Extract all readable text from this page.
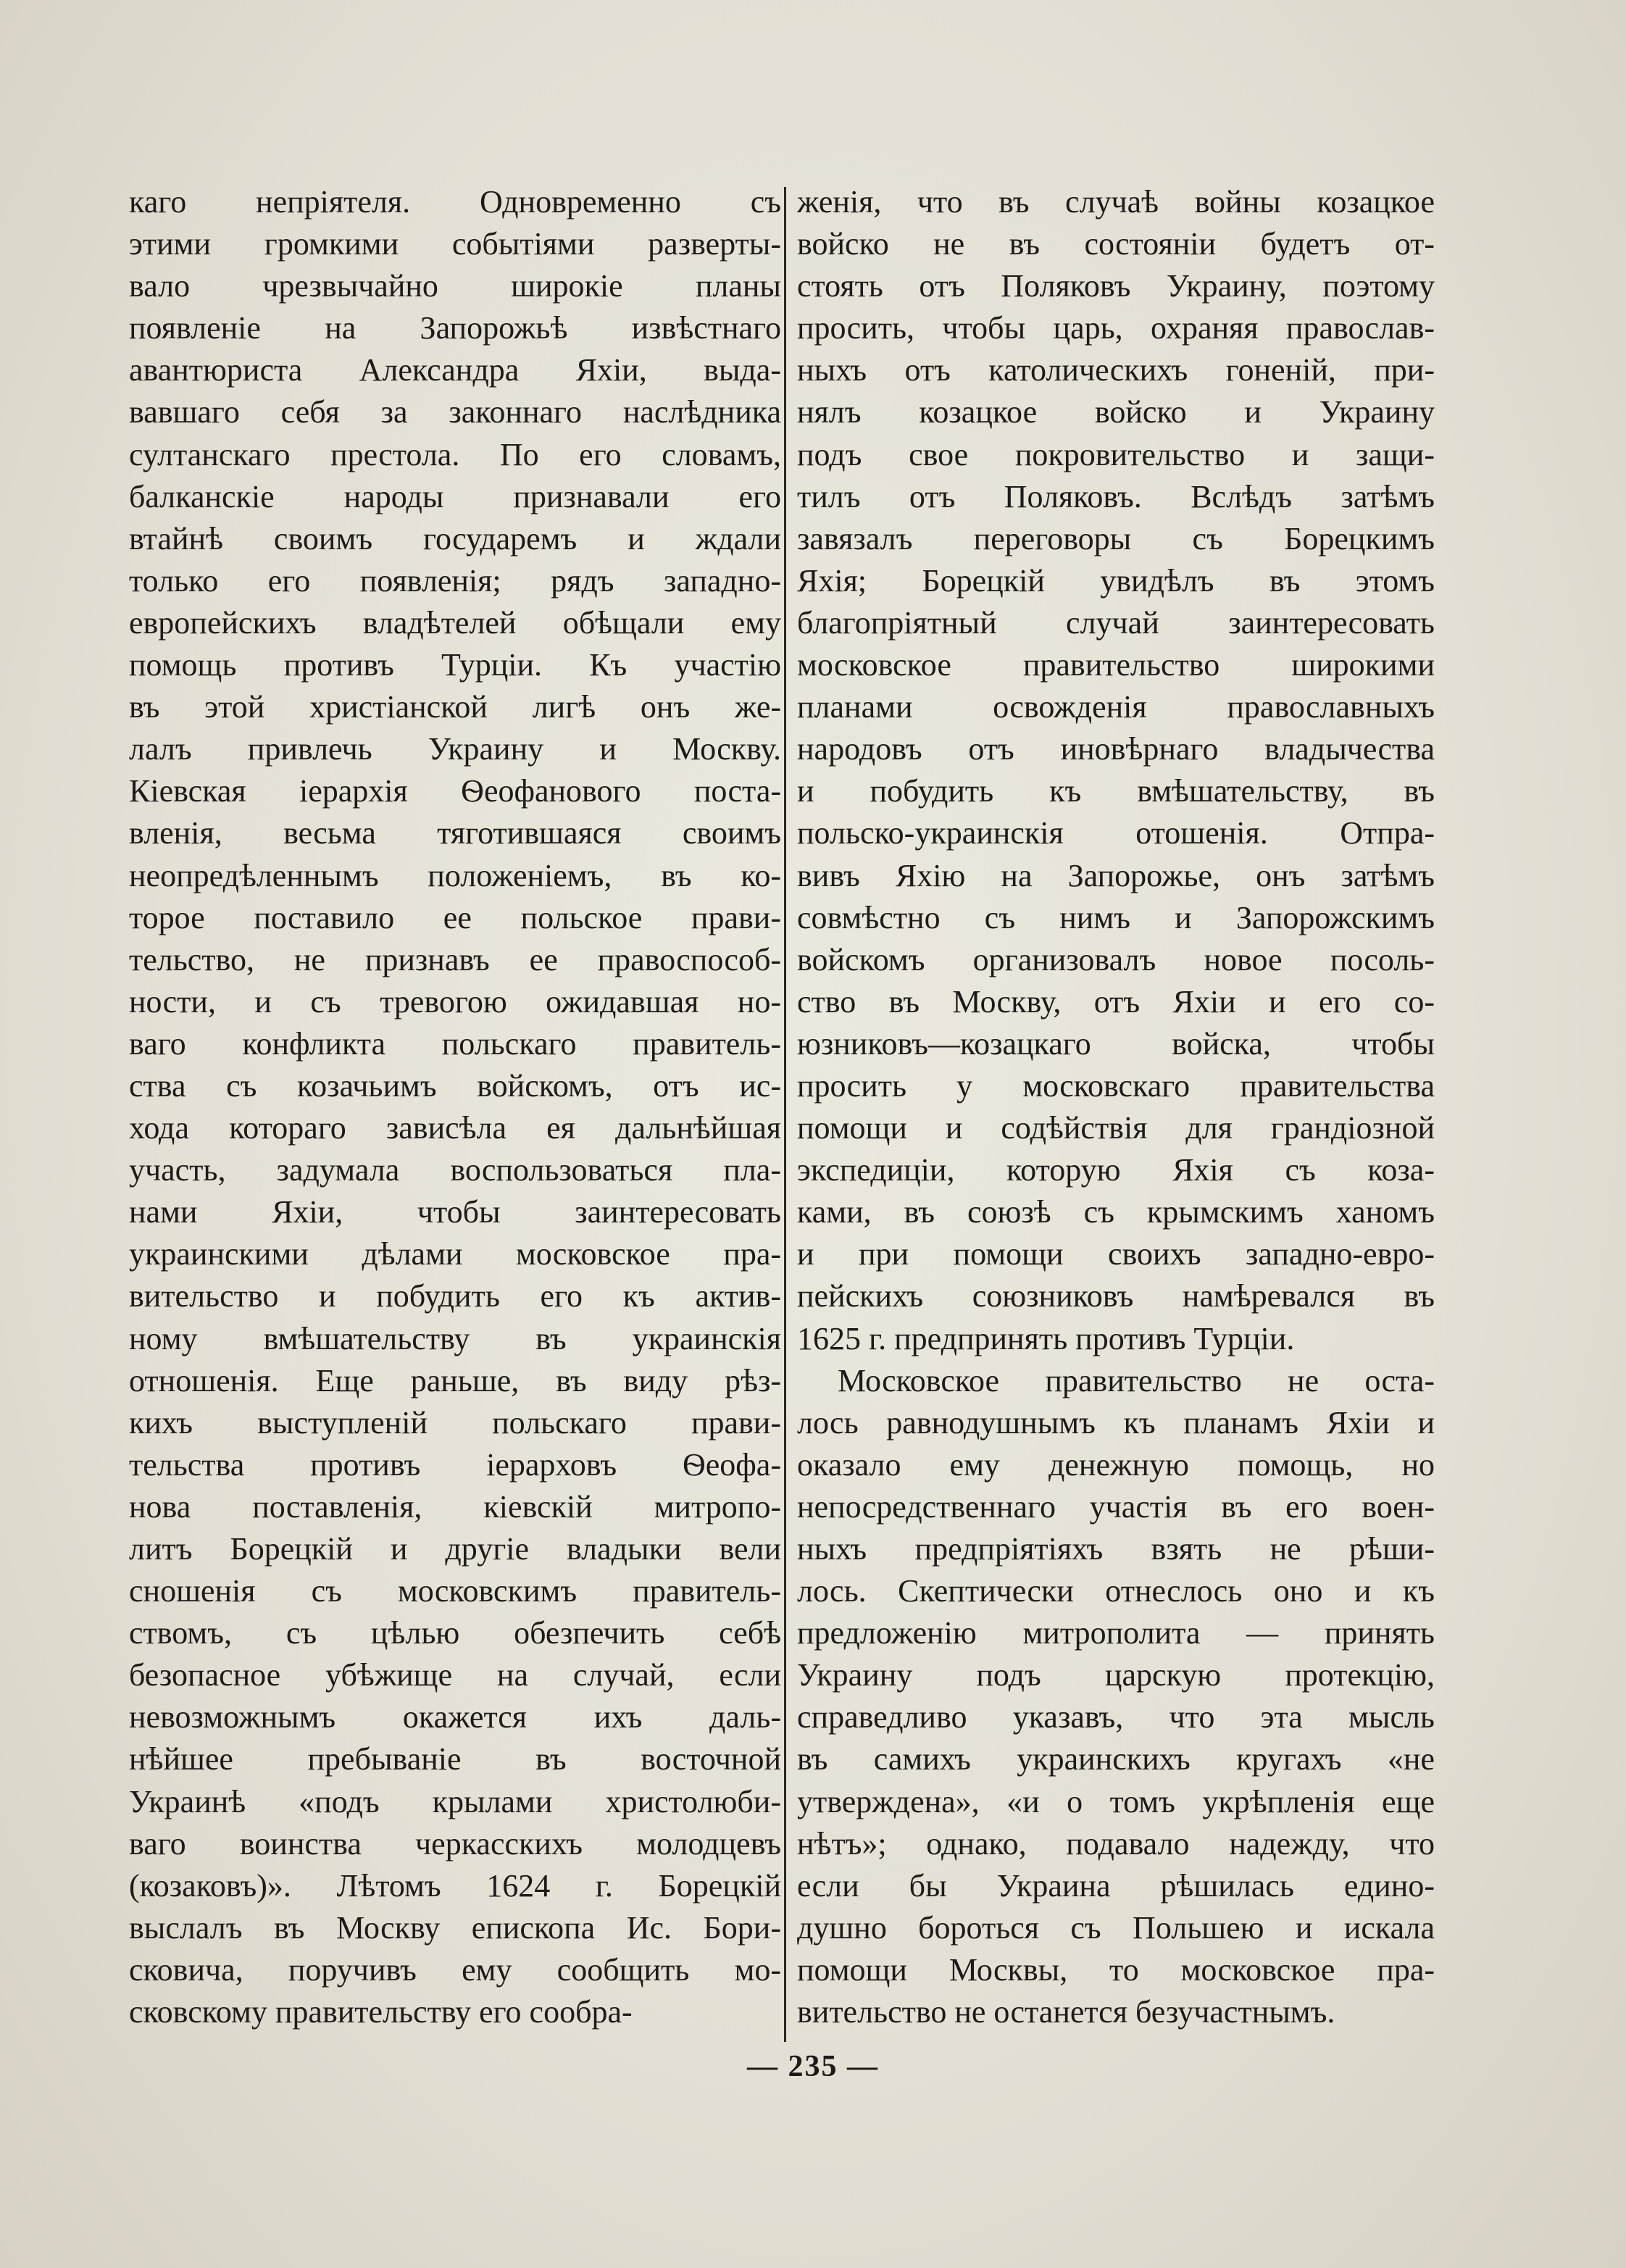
каго непріятеля. Одновременно съ
этими громкими событіями разверты-
вало чрезвычайно широкіе планы
появленіе на Запорожьѣ извѣстнаго
авантюриста Александра Яхіи, выда-
вавшаго себя за законнаго наслѣдника
султанскаго престола. По его словамъ,
балканскіе народы признавали его
втайнѣ своимъ государемъ и ждали
только его появленія; рядъ западно-
европейскихъ владѣтелей обѣщали ему
помощь противъ Турціи. Къ участію
въ этой христіанской лигѣ онъ же-
лалъ привлечь Украину и Москву.
Кіевская іерархія Ѳеофанового поста-
вленія, весьма тяготившаяся своимъ
неопредѣленнымъ положеніемъ, въ ко-
торое поставило ее польское прави-
тельство, не признавъ ее правоспособ-
ности, и съ тревогою ожидавшая но-
ваго конфликта польскаго правитель-
ства съ козачьимъ войскомъ, отъ ис-
хода котораго зависѣла ея дальнѣйшая
участь, задумала воспользоваться пла-
нами Яхіи, чтобы заинтересовать
украинскими дѣлами московское пра-
вительство и побудить его къ актив-
ному вмѣшательству въ украинскія
отношенія. Еще раньше, въ виду рѣз-
кихъ выступленій польскаго прави-
тельства противъ іерарховъ Ѳеофа-
нова поставленія, кіевскій митропо-
литъ Борецкій и другіе владыки вели
сношенія съ московскимъ правитель-
ствомъ, съ цѣлью обезпечить себѣ
безопасное убѣжище на случай, если
невозможнымъ окажется ихъ даль-
нѣйшее пребываніе въ восточной
Украинѣ «подъ крылами христолюби-
ваго воинства черкасскихъ молодцевъ
(козаковъ)». Лѣтомъ 1624 г. Борецкій
выслалъ въ Москву епископа Ис. Бори-
сковича, поручивъ ему сообщить мо-
сковскому правительству его сообра-
женія, что въ случаѣ войны козацкое
войско не въ состояніи будетъ от-
стоять отъ Поляковъ Украину, поэтому
просить, чтобы царь, охраняя православ-
ныхъ отъ католическихъ гоненій, при-
нялъ козацкое войско и Украину
подъ свое покровительство и защи-
тилъ отъ Поляковъ. Вслѣдъ затѣмъ
завязалъ переговоры съ Борецкимъ
Яхія; Борецкій увидѣлъ въ этомъ
благопріятный случай заинтересовать
московское правительство широкими
планами освожденія православныхъ
народовъ отъ иновѣрнаго владычества
и побудить къ вмѣшательству, въ
польско-украинскія отошенія. Отпра-
вивъ Яхію на Запорожье, онъ затѣмъ
совмѣстно съ нимъ и Запорожскимъ
войскомъ организовалъ новое посоль-
ство въ Москву, отъ Яхіи и его со-
юзниковъ—козацкаго войска, чтобы
просить у московскаго правительства
помощи и содѣйствія для грандіозной
экспедиціи, которую Яхія съ коза-
ками, въ союзѣ съ крымскимъ ханомъ
и при помощи своихъ западно-евро-
пейскихъ союзниковъ намѣревался въ
1625 г. предпринять противъ Турціи.
Московское правительство не оста-
лось равнодушнымъ къ планамъ Яхіи и
оказало ему денежную помощь, но
непосредственнаго участія въ его воен-
ныхъ предпріятіяхъ взять не рѣши-
лось. Скептически отнеслось оно и къ
предложенію митрополита — принять
Украину подъ царскую протекцію,
справедливо указавъ, что эта мысль
въ самихъ украинскихъ кругахъ «не
утверждена», «и о томъ укрѣпленія еще
нѣтъ»; однако, подавало надежду, что
если бы Украина рѣшилась едино-
душно бороться съ Польшею и искала
помощи Москвы, то московское пра-
вительство не останется безучастнымъ.
— 235 —
